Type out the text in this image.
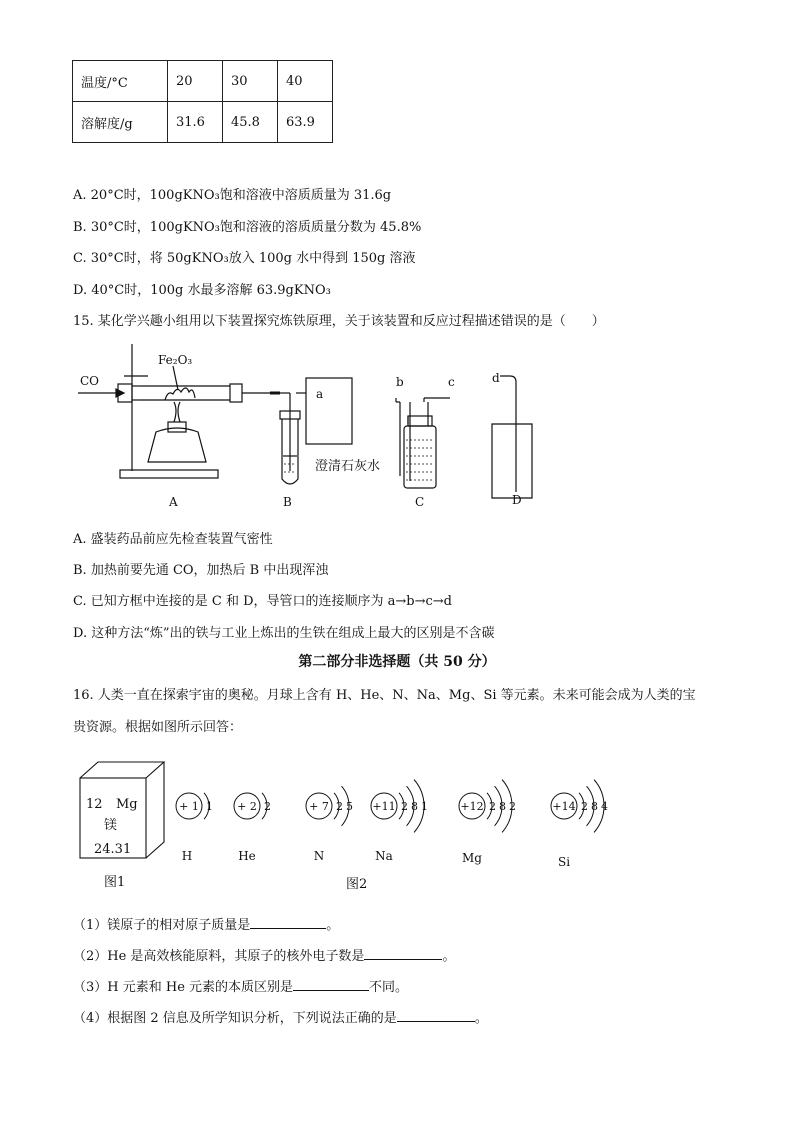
温度/°C	20	30	40
溶解度/g	31.6	45.8	63.9
A. 20°C时，100gKNO₃饱和溶液中溶质质量为 31.6g
B. 30°C时，100gKNO₃饱和溶液的溶质质量分数为 45.8%
C. 30°C时，将 50gKNO₃放入 100g 水中得到 150g 溶液
D. 40°C时，100g 水最多溶解 63.9gKNO₃
15. 某化学兴趣小组用以下装置探究炼铁原理，关于该装置和反应过程描述错误的是（　　）
CO
Fe₂O₃
a
b	c	d
澄清石灰水
A	B	C	D
A. 盛装药品前应先检查装置气密性
B. 加热前要先通 CO，加热后 B 中出现浑浊
C. 已知方框中连接的是 C 和 D，导管口的连接顺序为 a→b→c→d
D. 这种方法“炼”出的铁与工业上炼出的生铁在组成上最大的区别是不含碳
第二部分非选择题（共 50 分）
16. 人类一直在探索宇宙的奥秘。月球上含有 H、He、N、Na、Mg、Si 等元素。未来可能会成为人类的宝
贵资源。根据如图所示回答：
12 Mg
镁
24.31
图1	图2
+ 1 1
H
+ 2 2
He
+ 7 2 5
N
+11 2 8 1
Na
+12 2 8 2
Mg
+14 2 8 4
Si
（1）镁原子的相对原子质量是	。
（2）He 是高效核能原料，其原子的核外电子数是	。
（3）H 元素和 He 元素的本质区别是	不同。
（4）根据图 2 信息及所学知识分析，下列说法正确的是	。
